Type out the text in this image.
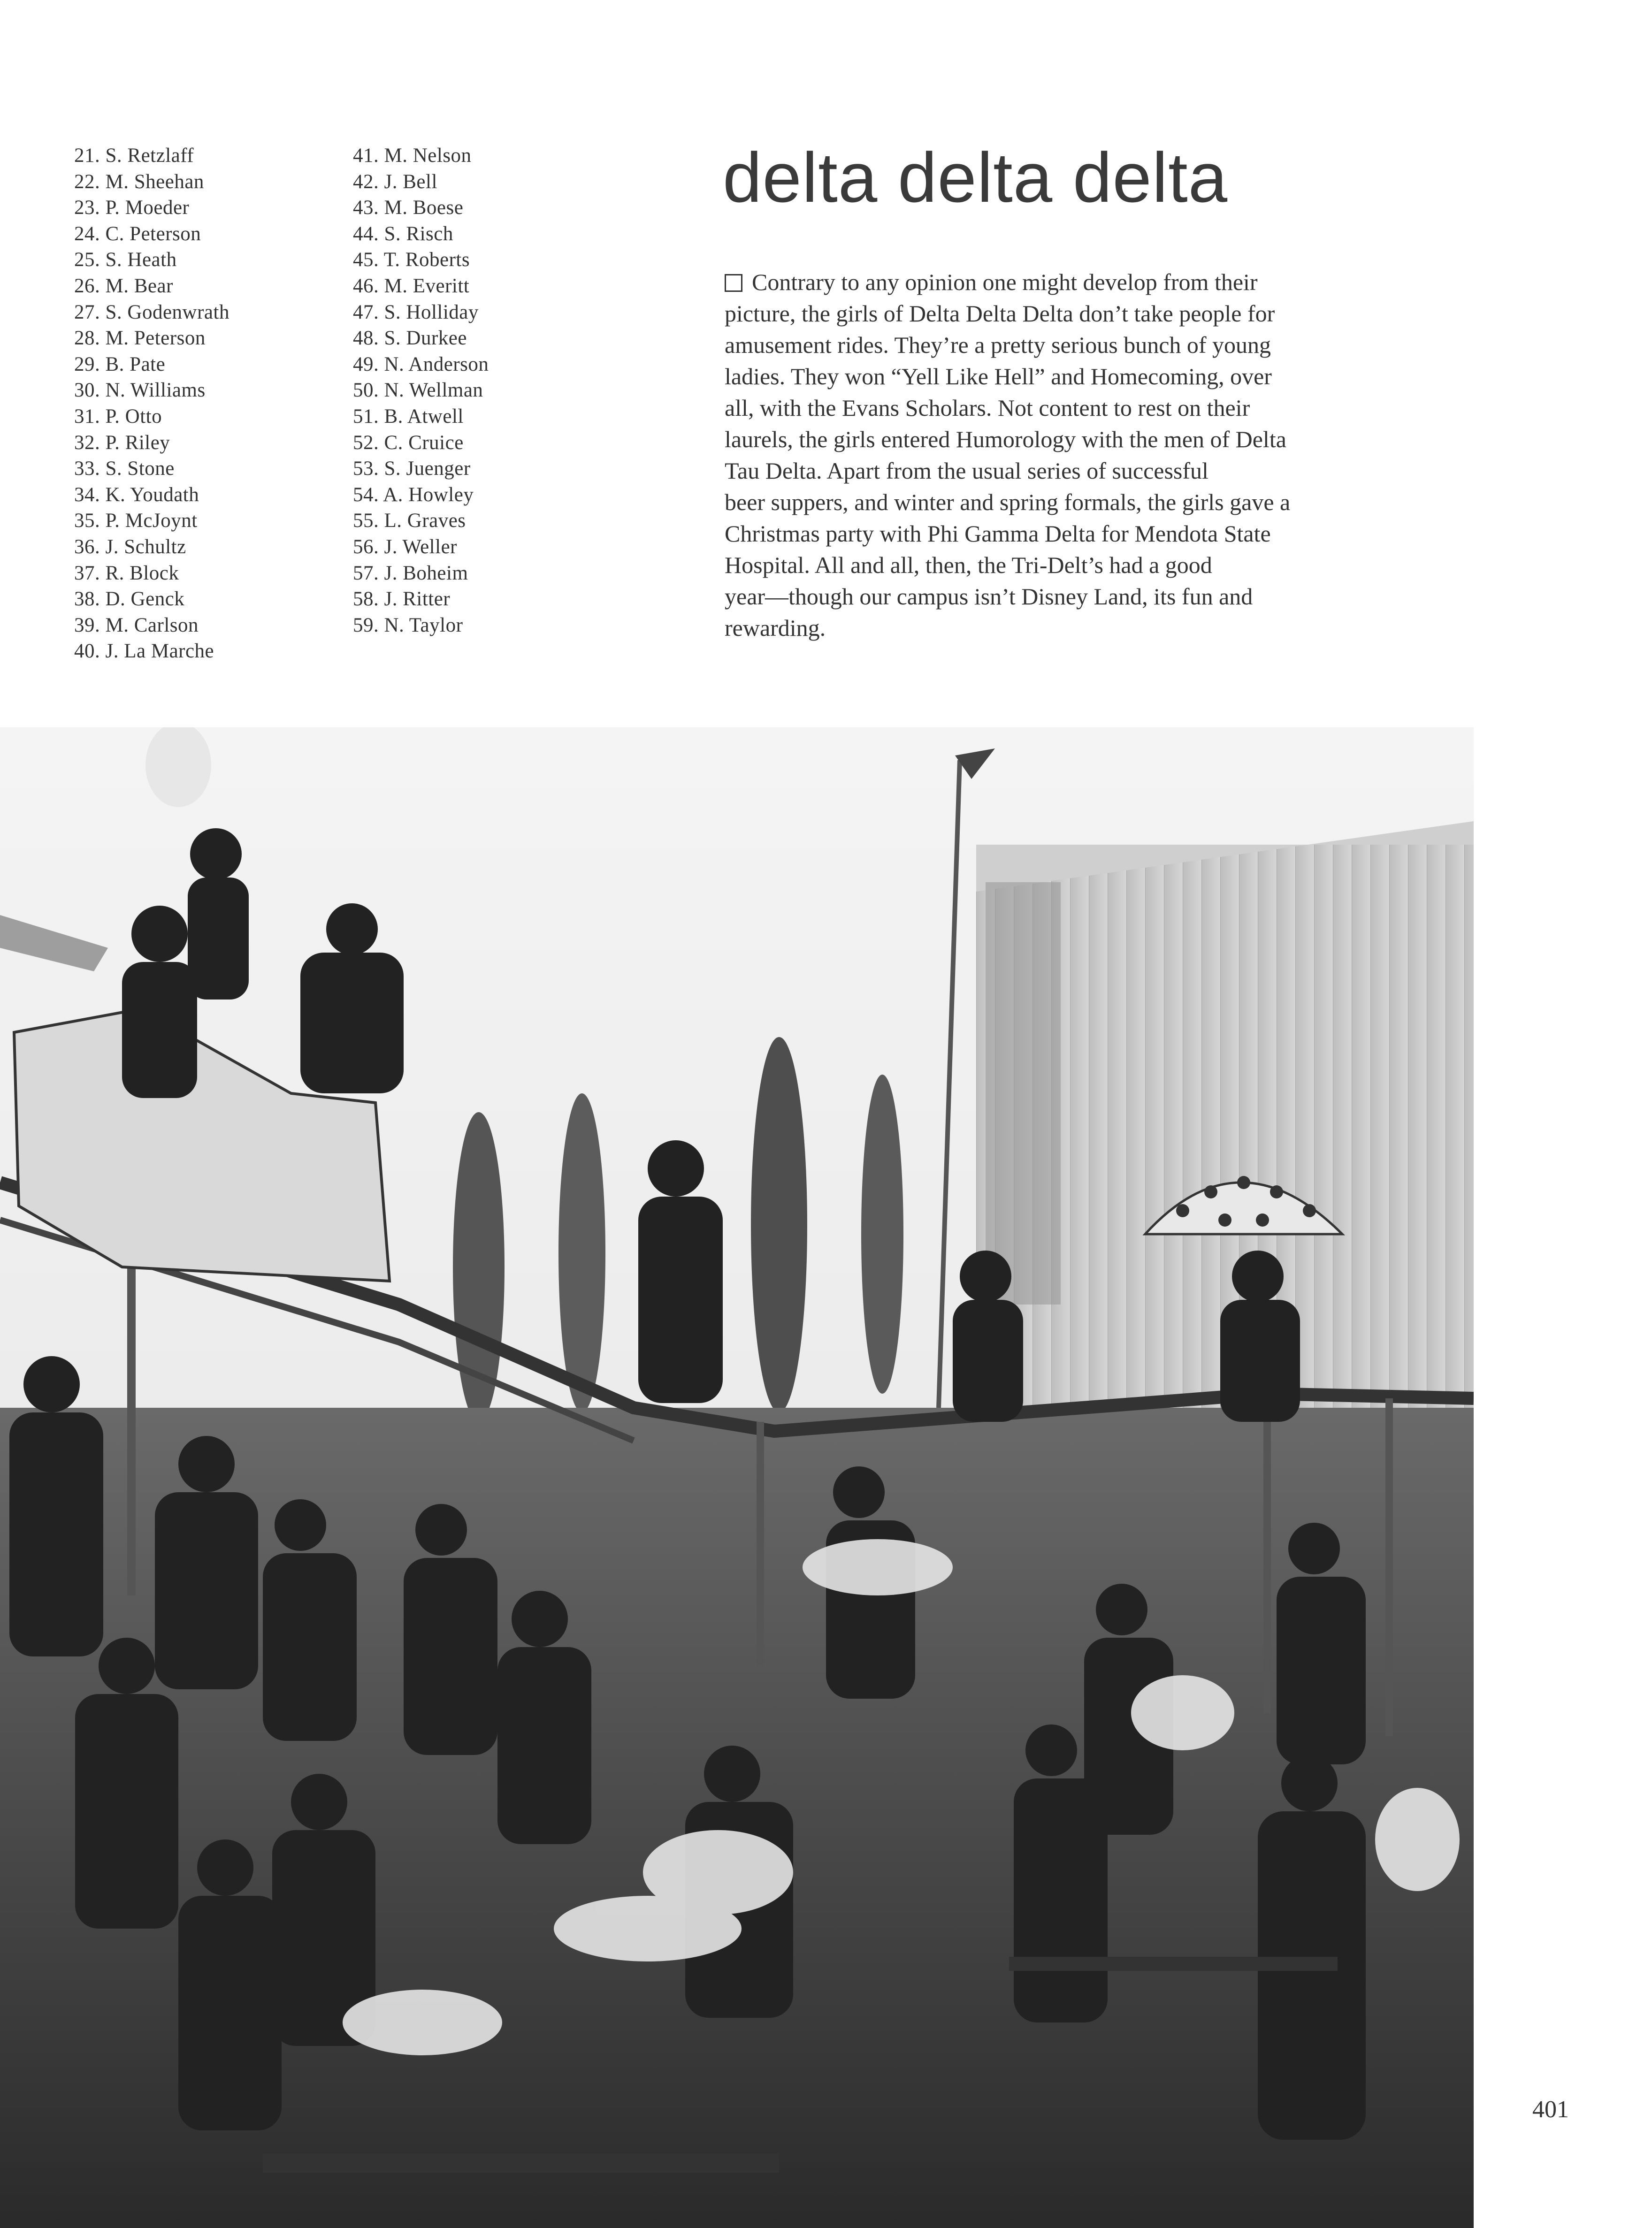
21. S. Retzlaff
22. M. Sheehan
23. P. Moeder
24. C. Peterson
25. S. Heath
26. M. Bear
27. S. Godenwrath
28. M. Peterson
29. B. Pate
30. N. Williams
31. P. Otto
32. P. Riley
33. S. Stone
34. K. Youdath
35. P. McJoynt
36. J. Schultz
37. R. Block
38. D. Genck
39. M. Carlson
40. J. La Marche
41. M. Nelson
42. J. Bell
43. M. Boese
44. S. Risch
45. T. Roberts
46. M. Everitt
47. S. Holliday
48. S. Durkee
49. N. Anderson
50. N. Wellman
51. B. Atwell
52. C. Cruice
53. S. Juenger
54. A. Howley
55. L. Graves
56. J. Weller
57. J. Boheim
58. J. Ritter
59. N. Taylor
delta delta delta
Contrary to any opinion one might develop from their
picture, the girls of Delta Delta Delta don’t take people for
amusement rides. They’re a pretty serious bunch of young
ladies. They won “Yell Like Hell” and Homecoming, over
all, with the Evans Scholars. Not content to rest on their
laurels, the girls entered Humorology with the men of Delta
Tau Delta. Apart from the usual series of successful
beer suppers, and winter and spring formals, the girls gave a
Christmas party with Phi Gamma Delta for Mendota State
Hospital. All and all, then, the Tri-Delt’s had a good
year—though our campus isn’t Disney Land, its fun and
rewarding.
401
